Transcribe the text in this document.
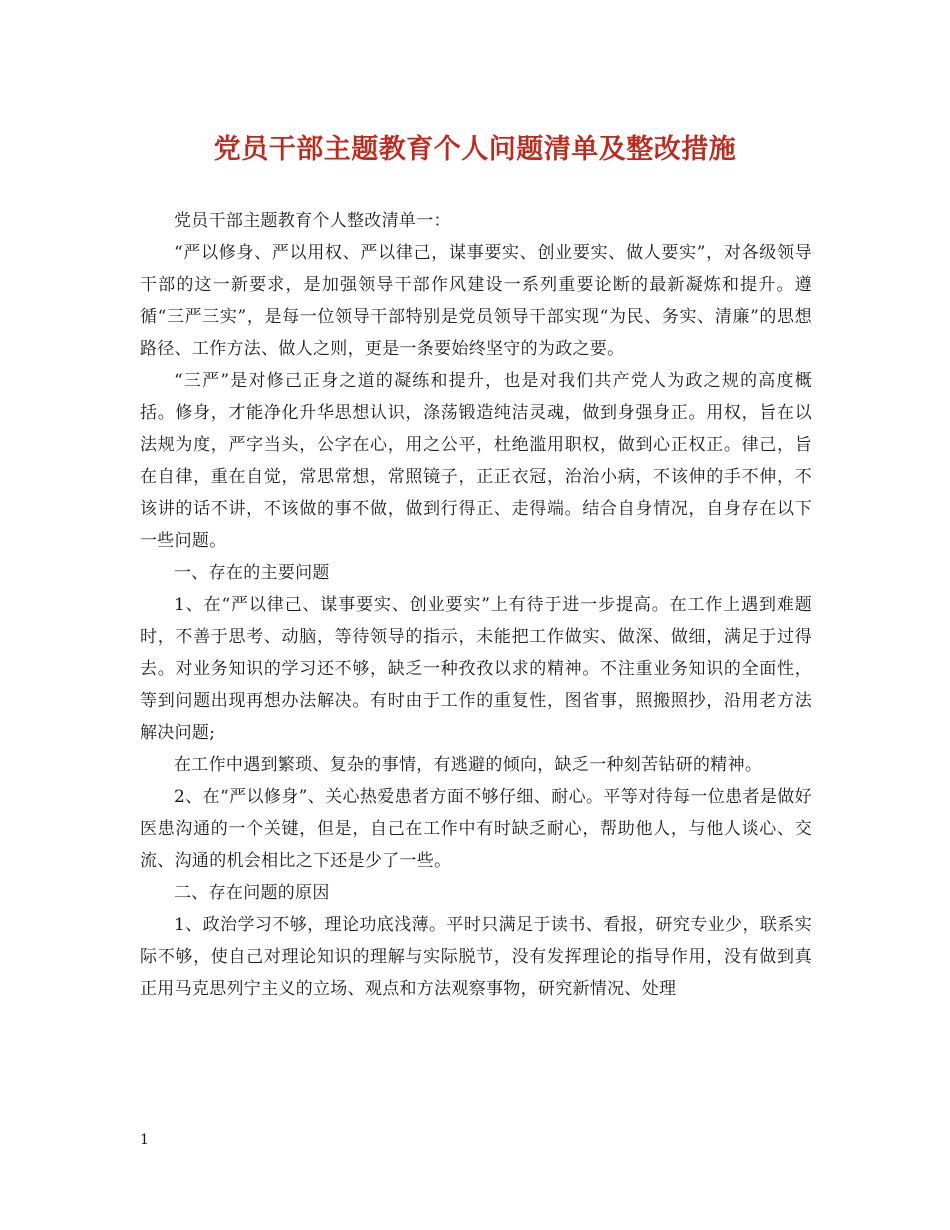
党员干部主题教育个人问题清单及整改措施

党员干部主题教育个人整改清单一：

“严以修身、严以用权、严以律己，谋事要实、创业要实、做人要实”，对各级领导干部的这一新要求，是加强领导干部作风建设一系列重要论断的最新凝炼和提升。遵循“三严三实”，是每一位领导干部特别是党员领导干部实现“为民、务实、清廉”的思想路径、工作方法、做人之则，更是一条要始终坚守的为政之要。

“三严”是对修己正身之道的凝练和提升，也是对我们共产党人为政之规的高度概括。修身，才能净化升华思想认识，涤荡锻造纯洁灵魂，做到身强身正。用权，旨在以法规为度，严字当头，公字在心，用之公平，杜绝滥用职权，做到心正权正。律己，旨在自律，重在自觉，常思常想，常照镜子，正正衣冠，治治小病，不该伸的手不伸，不该讲的话不讲，不该做的事不做，做到行得正、走得端。结合自身情况，自身存在以下一些问题。

一、存在的主要问题

1、在“严以律己、谋事要实、创业要实”上有待于进一步提高。在工作上遇到难题时，不善于思考、动脑，等待领导的指示，未能把工作做实、做深、做细，满足于过得去。对业务知识的学习还不够，缺乏一种孜孜以求的精神。不注重业务知识的全面性，等到问题出现再想办法解决。有时由于工作的重复性，图省事，照搬照抄，沿用老方法解决问题;

在工作中遇到繁琐、复杂的事情，有逃避的倾向，缺乏一种刻苦钻研的精神。

2、在“严以修身”、关心热爱患者方面不够仔细、耐心。平等对待每一位患者是做好医患沟通的一个关键，但是，自己在工作中有时缺乏耐心，帮助他人，与他人谈心、交流、沟通的机会相比之下还是少了一些。

二、存在问题的原因

1、政治学习不够，理论功底浅薄。平时只满足于读书、看报，研究专业少，联系实际不够，使自己对理论知识的理解与实际脱节，没有发挥理论的指导作用，没有做到真正用马克思列宁主义的立场、观点和方法观察事物，研究新情况、处理

1
